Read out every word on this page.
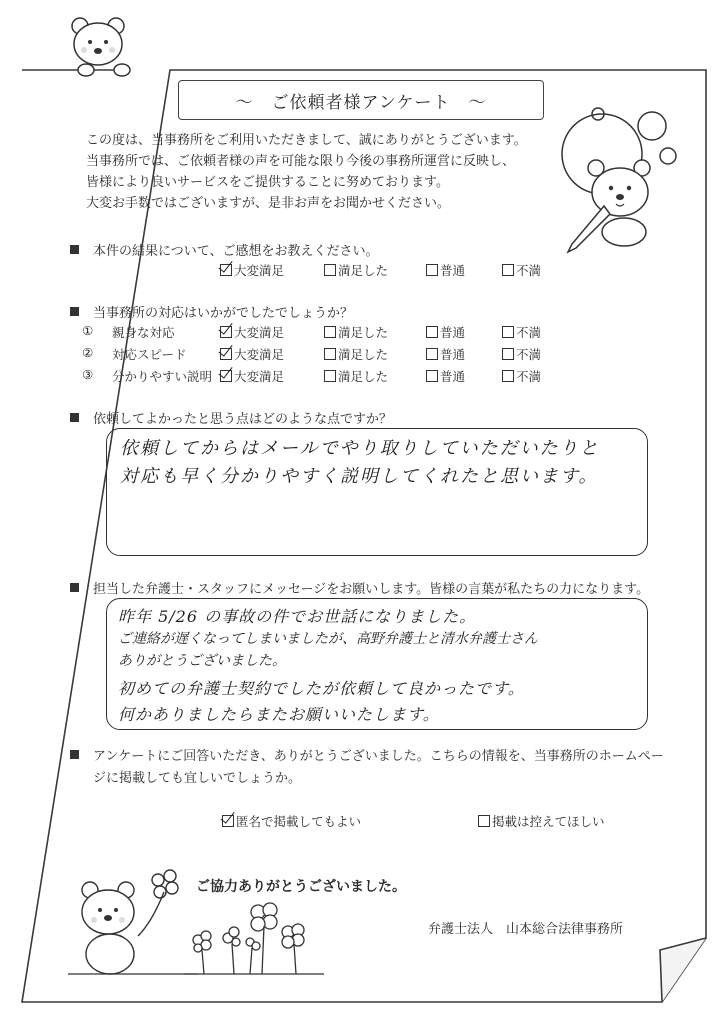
〜　ご依頼者様アンケート　〜
この度は、当事務所をご利用いただきまして、誠にありがとうございます。
当事務所では、ご依頼者様の声を可能な限り今後の事務所運営に反映し、
皆様により良いサービスをご提供することに努めております。
大変お手数ではございますが、是非お声をお聞かせください。
本件の結果について、ご感想をお教えください。
大変満足	満足した	普通	不満
当事務所の対応はいかがでしたでしょうか？
① 親身な対応	大変満足	満足した	普通	不満
② 対応スピード	大変満足	満足した	普通	不満
③ 分かりやすい説明 大変満足	満足した	普通	不満
依頼してよかったと思う点はどのような点ですか？
依頼してからはメールでやり取りしていただいたりと
対応も早く分かりやすく説明してくれたと思います。
担当した弁護士・スタッフにメッセージをお願いします。皆様の言葉が私たちの力になります。
昨年 5/26 の事故の件でお世話になりました。
ご連絡が遅くなってしまいましたが、高野弁護士と清水弁護士さん
ありがとうございました。
初めての弁護士契約でしたが依頼して良かったです。
何かありましたらまたお願いいたします。
アンケートにご回答いただき、ありがとうございました。こちらの情報を、当事務所のホームペー
ジに掲載しても宜しいでしょうか。
匿名で掲載してもよい	掲載は控えてほしい
ご協力ありがとうございました。
弁護士法人　山本総合法律事務所
